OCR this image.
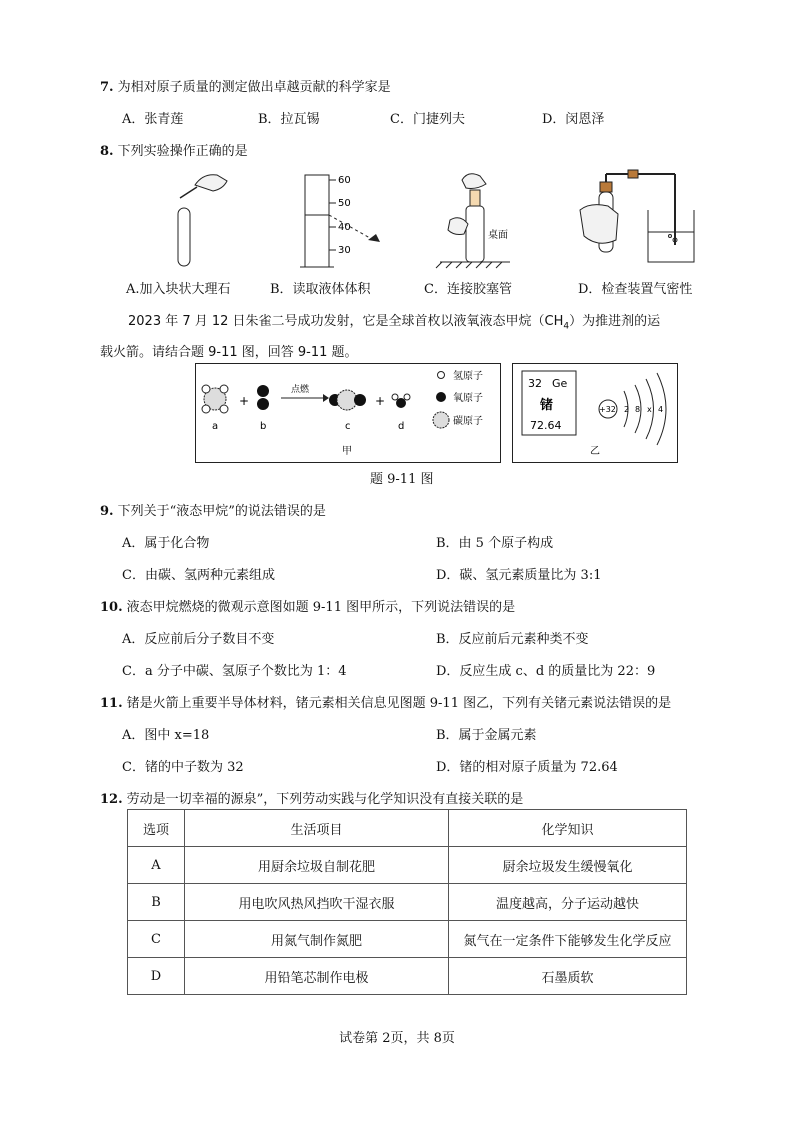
7. 为相对原子质量的测定做出卓越贡献的科学家是
A．张青莲	B．拉瓦锡	C．门捷列夫	D．闵恩泽
8. 下列实验操作正确的是
60
50
40
30
桌面
A.加入块状大理石	B．读取液体体积	C．连接胶塞管	D．检查装置气密性
2023 年 7 月 12 日朱雀二号成功发射，它是全球首枚以液氧液态甲烷$(CH_4)$为推进剂的运
载火箭。请结合题 9-11 图，回答 9-11 题。
a
+
b
点燃
c
+
d
氢原子
氧原子
碳原子
甲
32 Ge
锗
72.64
+32 2 8 x 4
乙
题 9-11 图
9. 下列关于“液态甲烷”的说法错误的是
A．属于化合物	B．由 5 个原子构成
C．由碳、氢两种元素组成	D．碳、氢元素质量比为 3:1
10. 液态甲烷燃烧的微观示意图如题 9-11 图甲所示，下列说法错误的是
A．反应前后分子数目不变	B．反应前后元素种类不变
C．a 分子中碳、氢原子个数比为 1：4	D．反应生成 c、d 的质量比为 22：9
11. 锗是火箭上重要半导体材料，锗元素相关信息见图题 9-11 图乙，下列有关锗元素说法错误的是
A．图中 x=18	B．属于金属元素
C．锗的中子数为 32	D．锗的相对原子质量为 72.64
12. 劳动是一切幸福的源泉”，下列劳动实践与化学知识没有直接关联的是
选项	生活项目	化学知识
A	用厨余垃圾自制花肥	厨余垃圾发生缓慢氧化
B	用电吹风热风挡吹干湿衣服	温度越高，分子运动越快
C	用氮气制作氮肥	氮气在一定条件下能够发生化学反应
D	用铅笔芯制作电极	石墨质软
试卷第 2页，共 8页
